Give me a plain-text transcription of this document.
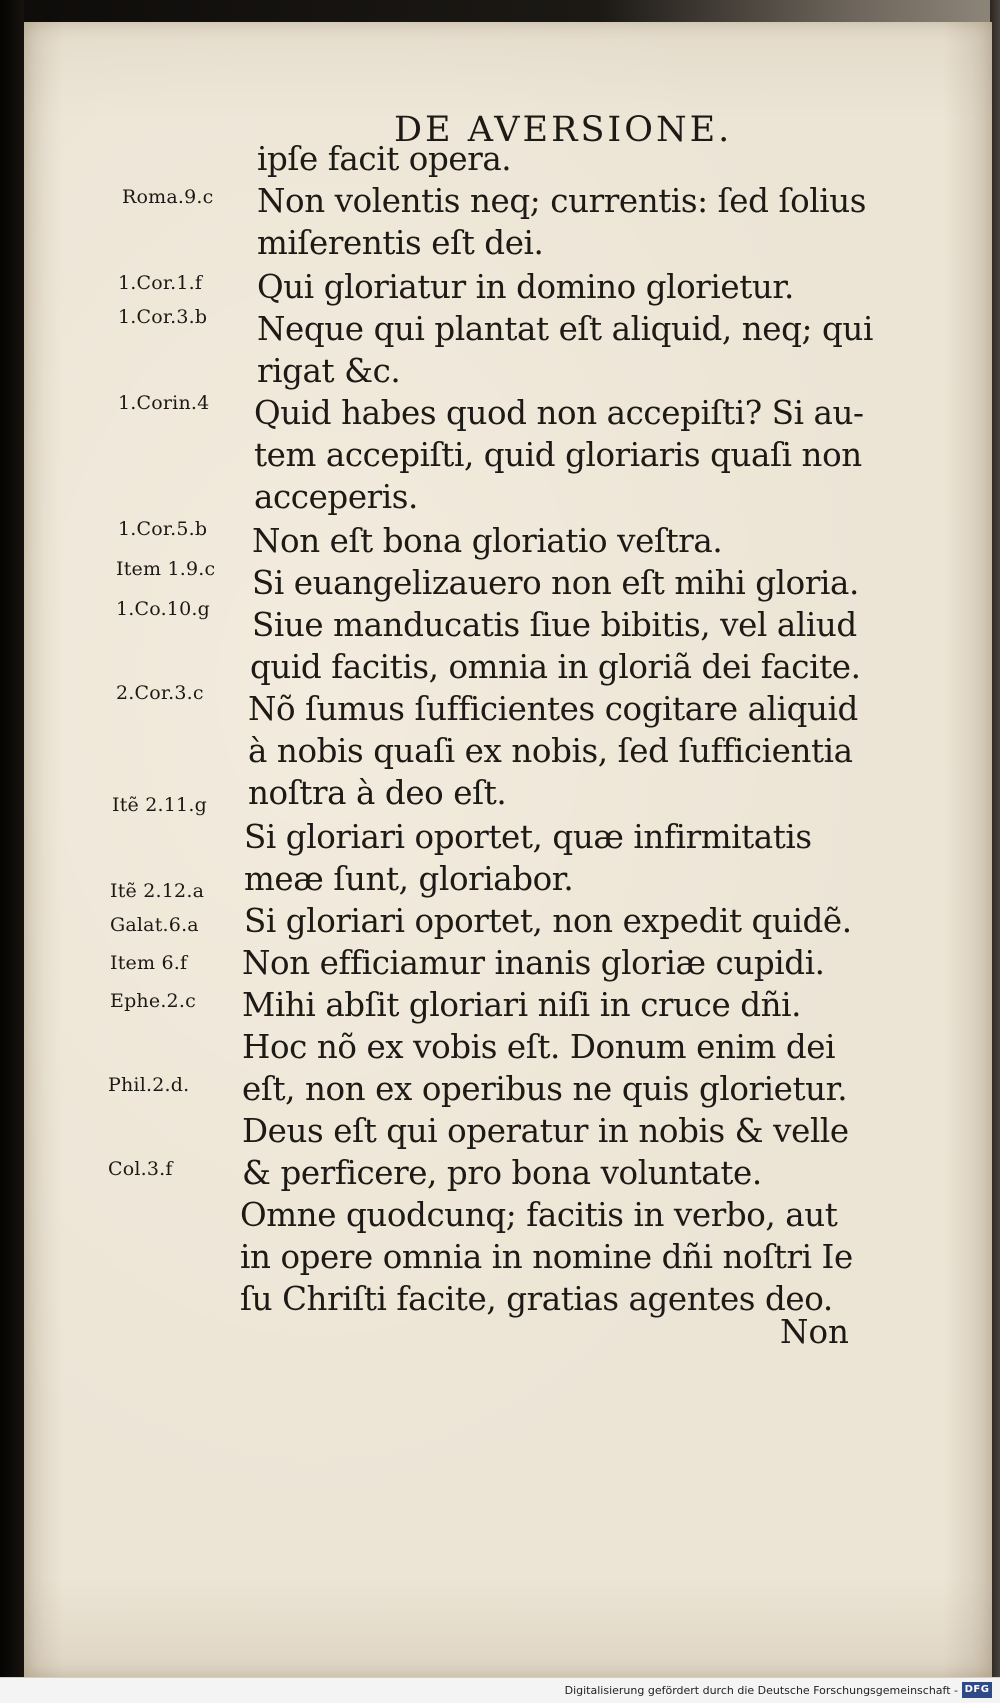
DE AVERSIONE.
Roma.9.c
1.Cor.1.f
1.Cor.3.b
1.Corin.4
1.Cor.5.b
Item 1.9.c
1.Co.10.g
2.Cor.3.c
Itẽ 2.11.g
Itẽ 2.12.a
Galat.6.a
Item 6.f
Ephe.2.c
Phil.2.d.
Col.3.f
ipſe facit opera.
Non volentis neq; currentis: ſed ſolius
miſerentis eſt dei.
Qui gloriatur in domino glorietur.
Neque qui plantat eſt aliquid, neq; qui
rigat &c.
Quid habes quod non accepiſti? Si au-
tem accepiſti, quid gloriaris quaſi non
acceperis.
Non eſt bona gloriatio veſtra.
Si euangelizauero non eſt mihi gloria.
Siue manducatis ſiue bibitis, vel aliud
quid facitis, omnia in gloriã dei facite.
Nõ ſumus ſufficientes cogitare aliquid
à nobis quaſi ex nobis, ſed ſufficientia
noſtra à deo eſt.
Si gloriari oportet, quæ infirmitatis
meæ ſunt, gloriabor.
Si gloriari oportet, non expedit quidẽ.
Non efficiamur inanis gloriæ cupidi.
Mihi abſit gloriari niſi in cruce dñi.
Hoc nõ ex vobis eſt. Donum enim dei
eſt, non ex operibus ne quis glorietur.
Deus eſt qui operatur in nobis & velle
& perficere, pro bona voluntate.
Omne quodcunq; facitis in verbo, aut
in opere omnia in nomine dñi noſtri Ie
ſu Chriſti facite, gratias agentes deo.
Non
Digitalisierung gefördert durch die Deutsche Forschungsgemeinschaft - DFG
